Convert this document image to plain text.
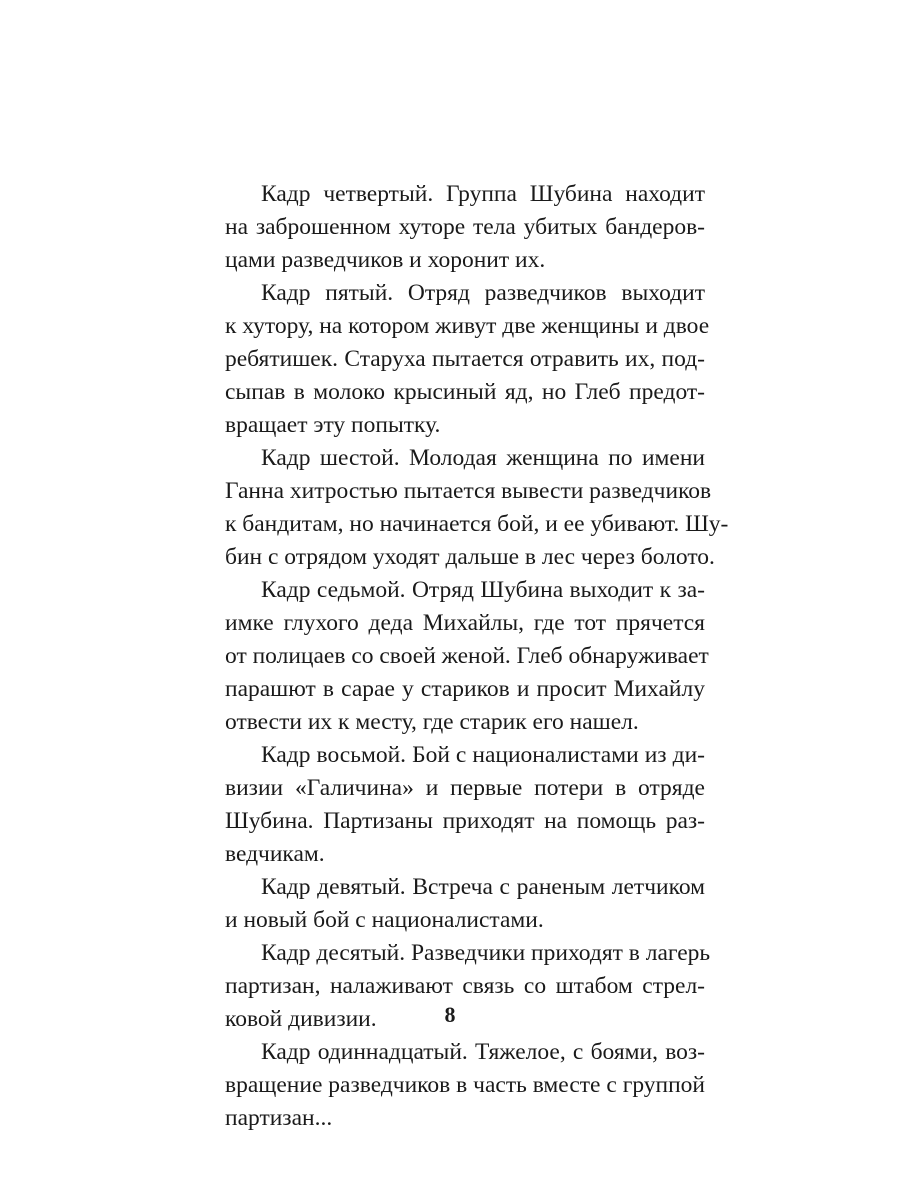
Кадр четвертый. Группа Шубина находит
на заброшенном хуторе тела убитых бандеров-
цами разведчиков и хоронит их.
Кадр пятый. Отряд разведчиков выходит
к хутору, на котором живут две женщины и двое
ребятишек. Старуха пытается отравить их, под-
сыпав в молоко крысиный яд, но Глеб предот-
вращает эту попытку.
Кадр шестой. Молодая женщина по имени
Ганна хитростью пытается вывести разведчиков
к бандитам, но начинается бой, и ее убивают. Шу-
бин с отрядом уходят дальше в лес через болото.
Кадр седьмой. Отряд Шубина выходит к за-
имке глухого деда Михайлы, где тот прячется
от полицаев со своей женой. Глеб обнаруживает
парашют в сарае у стариков и просит Михайлу
отвести их к месту, где старик его нашел.
Кадр восьмой. Бой с националистами из ди-
визии «Галичина» и первые потери в отряде
Шубина. Партизаны приходят на помощь раз-
ведчикам.
Кадр девятый. Встреча с раненым летчиком
и новый бой с националистами.
Кадр десятый. Разведчики приходят в лагерь
партизан, налаживают связь со штабом стрел-
ковой дивизии.
Кадр одиннадцатый. Тяжелое, с боями, воз-
вращение разведчиков в часть вместе с группой
партизан...
8
